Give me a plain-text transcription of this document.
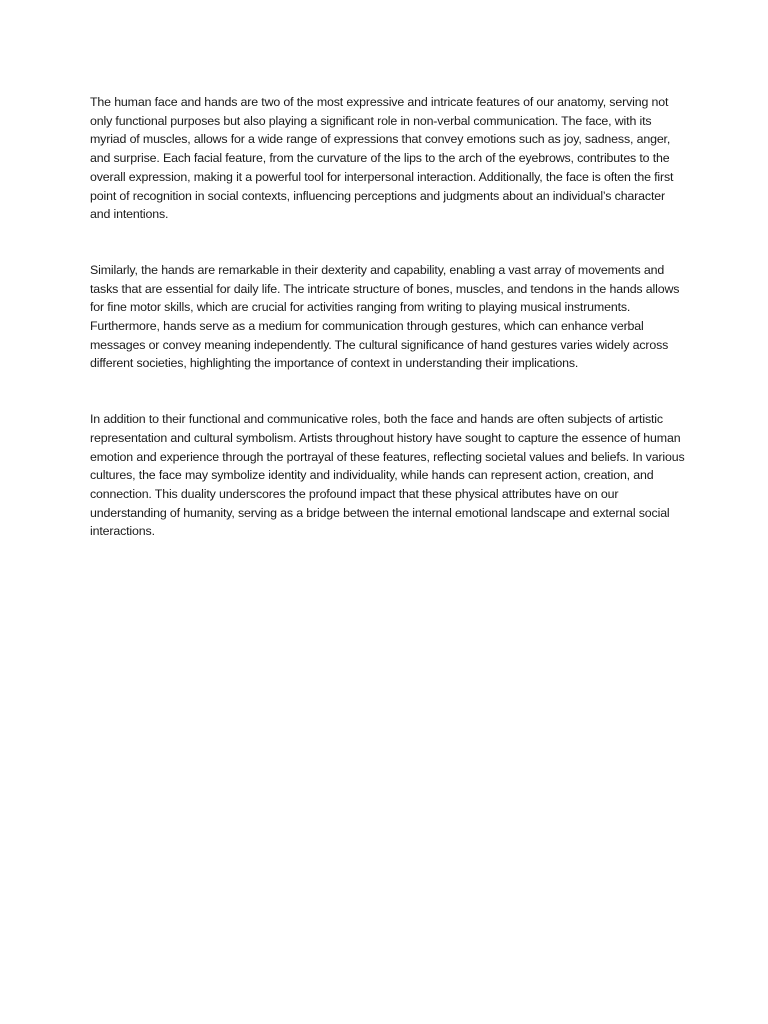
The human face and hands are two of the most expressive and intricate features of our anatomy, serving not only functional purposes but also playing a significant role in non-verbal communication. The face, with its myriad of muscles, allows for a wide range of expressions that convey emotions such as joy, sadness, anger, and surprise. Each facial feature, from the curvature of the lips to the arch of the eyebrows, contributes to the overall expression, making it a powerful tool for interpersonal interaction. Additionally, the face is often the first point of recognition in social contexts, influencing perceptions and judgments about an individual’s character and intentions.

Similarly, the hands are remarkable in their dexterity and capability, enabling a vast array of movements and tasks that are essential for daily life. The intricate structure of bones, muscles, and tendons in the hands allows for fine motor skills, which are crucial for activities ranging from writing to playing musical instruments. Furthermore, hands serve as a medium for communication through gestures, which can enhance verbal messages or convey meaning independently. The cultural significance of hand gestures varies widely across different societies, highlighting the importance of context in understanding their implications.

In addition to their functional and communicative roles, both the face and hands are often subjects of artistic representation and cultural symbolism. Artists throughout history have sought to capture the essence of human emotion and experience through the portrayal of these features, reflecting societal values and beliefs. In various cultures, the face may symbolize identity and individuality, while hands can represent action, creation, and connection. This duality underscores the profound impact that these physical attributes have on our understanding of humanity, serving as a bridge between the internal emotional landscape and external social interactions.
